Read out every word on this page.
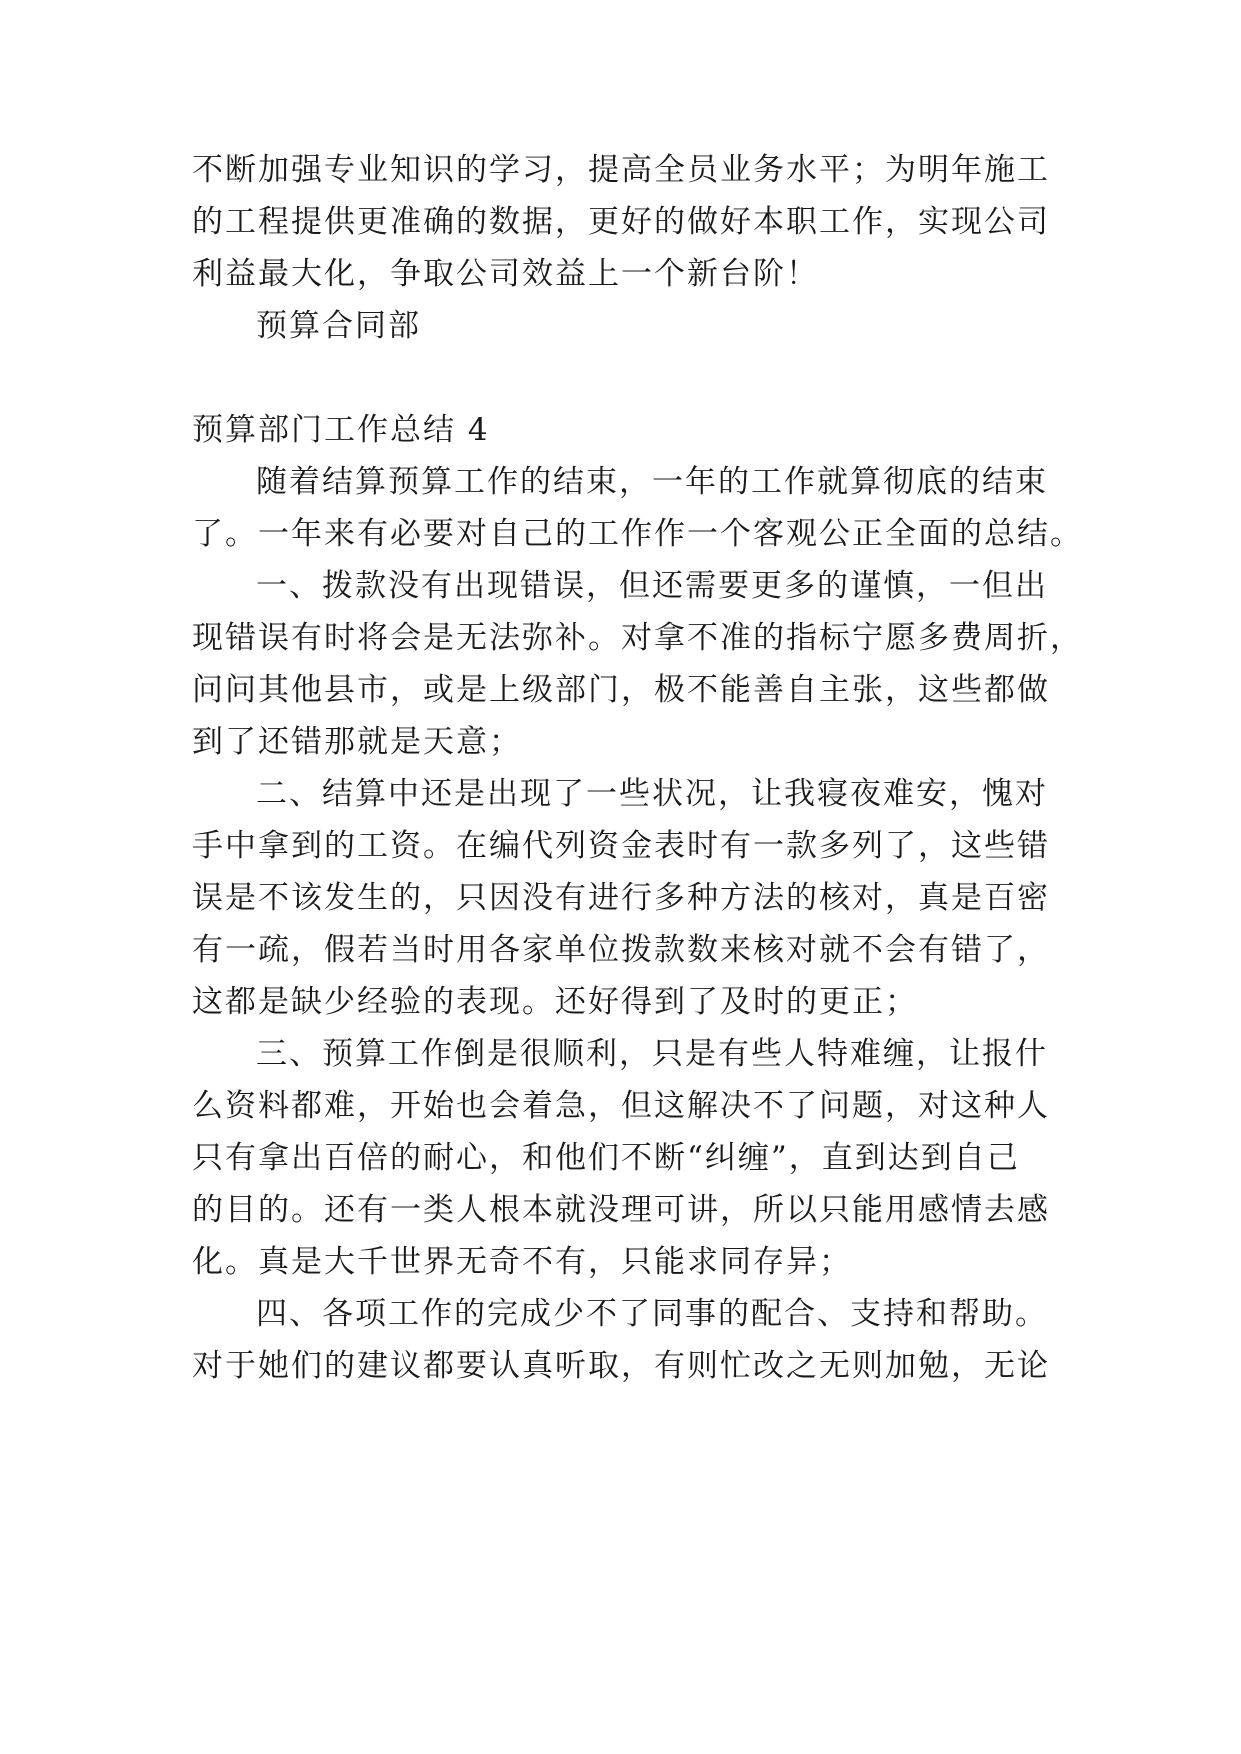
不断加强专业知识的学习，提高全员业务水平；为明年施工
的工程提供更准确的数据，更好的做好本职工作，实现公司
利益最大化，争取公司效益上一个新台阶！
预算合同部
预算部门工作总结 4
随着结算预算工作的结束，一年的工作就算彻底的结束
了。一年来有必要对自己的工作作一个客观公正全面的总结。
一、拨款没有出现错误，但还需要更多的谨慎，一但出
现错误有时将会是无法弥补。对拿不准的指标宁愿多费周折，
问问其他县市，或是上级部门，极不能善自主张，这些都做
到了还错那就是天意；
二、结算中还是出现了一些状况，让我寝夜难安，愧对
手中拿到的工资。在编代列资金表时有一款多列了，这些错
误是不该发生的，只因没有进行多种方法的核对，真是百密
有一疏，假若当时用各家单位拨款数来核对就不会有错了，
这都是缺少经验的表现。还好得到了及时的更正；
三、预算工作倒是很顺利，只是有些人特难缠，让报什
么资料都难，开始也会着急，但这解决不了问题，对这种人
只有拿出百倍的耐心，和他们不断“纠缠”，直到达到自己
的目的。还有一类人根本就没理可讲，所以只能用感情去感
化。真是大千世界无奇不有，只能求同存异；
四、各项工作的完成少不了同事的配合、支持和帮助。
对于她们的建议都要认真听取，有则忙改之无则加勉，无论
